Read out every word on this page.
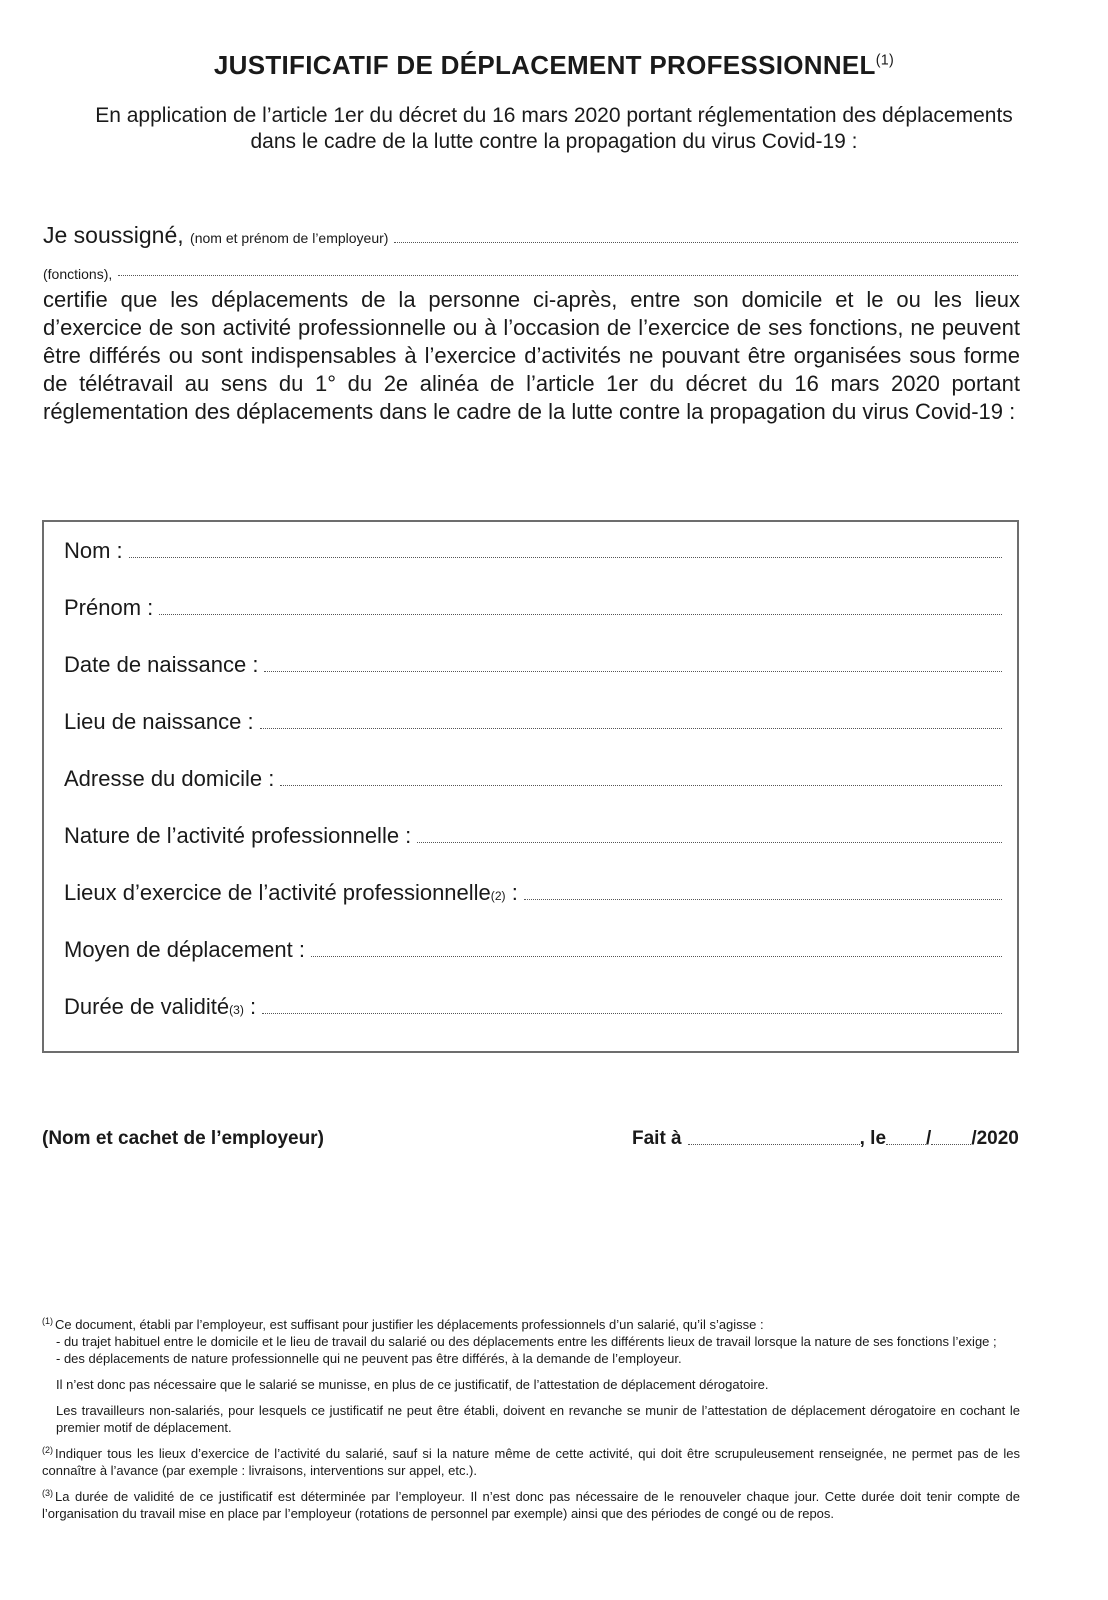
JUSTIFICATIF DE DÉPLACEMENT PROFESSIONNEL$^{(1)}$

En application de l’article 1er du décret du 16 mars 2020 portant réglementation des déplacements dans le cadre de la lutte contre la propagation du virus Covid-19 :

Je soussigné,
(nom et prénom de l’employeur)
(fonctions),

certifie que les déplacements de la personne ci-après, entre son domicile et le ou les lieux d’exercice de son activité professionnelle ou à l’occasion de l’exercice de ses fonctions, ne peuvent être différés ou sont indispensables à l’exercice d’activités ne pouvant être organisées sous forme de télétravail au sens du 1° du 2e alinéa de l’article 1er du décret du 16 mars 2020 portant réglementation des déplacements dans le cadre de la lutte contre la propagation du virus Covid-19 :

Nom :
Prénom :
Date de naissance :
Lieu de naissance :
Adresse du domicile :
Nature de l’activité professionnelle :
Lieux d’exercice de l’activité professionnelle (2)
:
Moyen de déplacement :
Durée de validité (3)
:
(Nom et cachet de l’employeur)	Fait à	, le / /2020
$^{(1)}$ Ce document, établi par l’employeur, est suffisant pour justifier les déplacements professionnels d’un salarié, qu’il s’agisse :
- du trajet habituel entre le domicile et le lieu de travail du salarié ou des déplacements entre les différents lieux de travail lorsque la nature de ses fonctions l’exige ;
- des déplacements de nature professionnelle qui ne peuvent pas être différés, à la demande de l’employeur.

Il n’est donc pas nécessaire que le salarié se munisse, en plus de ce justificatif, de l’attestation de déplacement dérogatoire.

Les travailleurs non-salariés, pour lesquels ce justificatif ne peut être établi, doivent en revanche se munir de l’attestation de déplacement dérogatoire en cochant le premier motif de déplacement.

$^{(2)}$ Indiquer tous les lieux d’exercice de l’activité du salarié, sauf si la nature même de cette activité, qui doit être scrupuleusement renseignée, ne permet pas de les connaître à l’avance (par exemple : livraisons, interventions sur appel, etc.).
$^{(3)}$ La durée de validité de ce justificatif est déterminée par l’employeur. Il n’est donc pas nécessaire de le renouveler chaque jour. Cette durée doit tenir compte de l’organisation du travail mise en place par l’employeur (rotations de personnel par exemple) ainsi que des périodes de congé ou de repos.
